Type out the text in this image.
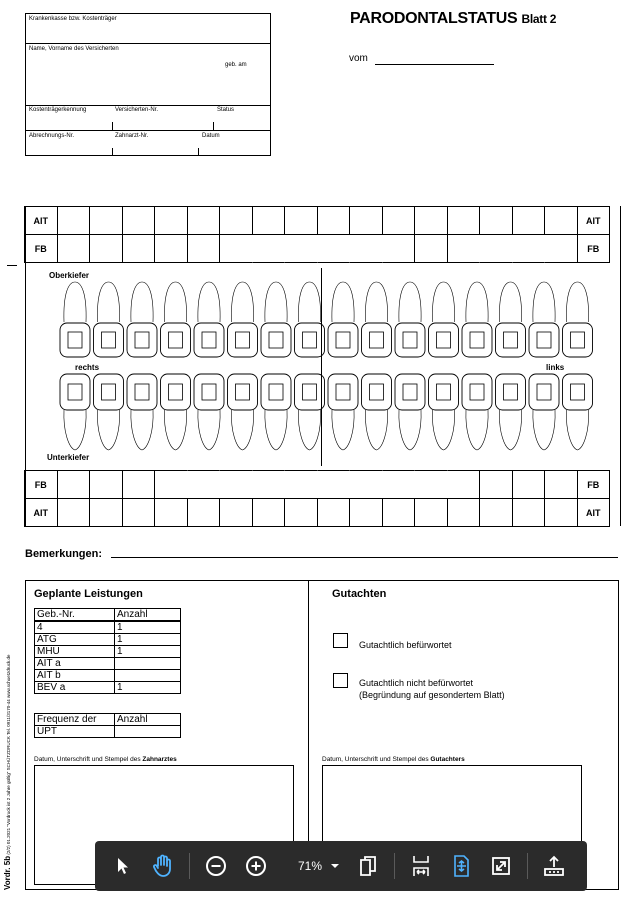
PARODONTALSTATUS Blatt 2
vom
Krankenkasse bzw. Kostenträger
Name, Vorname des Versicherten
geb. am
Kostenträgerkennung	Versicherten-Nr.	Status
Abrechnungs-Nr.	Zahnarzt-Nr.	Datum
AIT	AIT
FB	FB
FB	FB
AIT	AIT
Oberkiefer
Unterkiefer
rechts	links
Bemerkungen:
Vordr. 5b (2/2) 01.2021 "Vordruck ist 2 Jahre gültig" SCHÜTZDRUCK Tel. 0911/3170-44 www.schuetzdruck.de
Geplante Leistungen
Geb.-Nr.	Anzahl
4	1
ATG	1
MHU	1
AIT a	
AIT b	
BEV a	1
Frequenz der	Anzahl
UPT	
Datum, Unterschrift und Stempel des Zahnarztes
Gutachten
Gutachtlich befürwortet
Gutachtlich nicht befürwortet
(Begründung auf gesondertem Blatt)
Datum, Unterschrift und Stempel des Gutachters
71%
